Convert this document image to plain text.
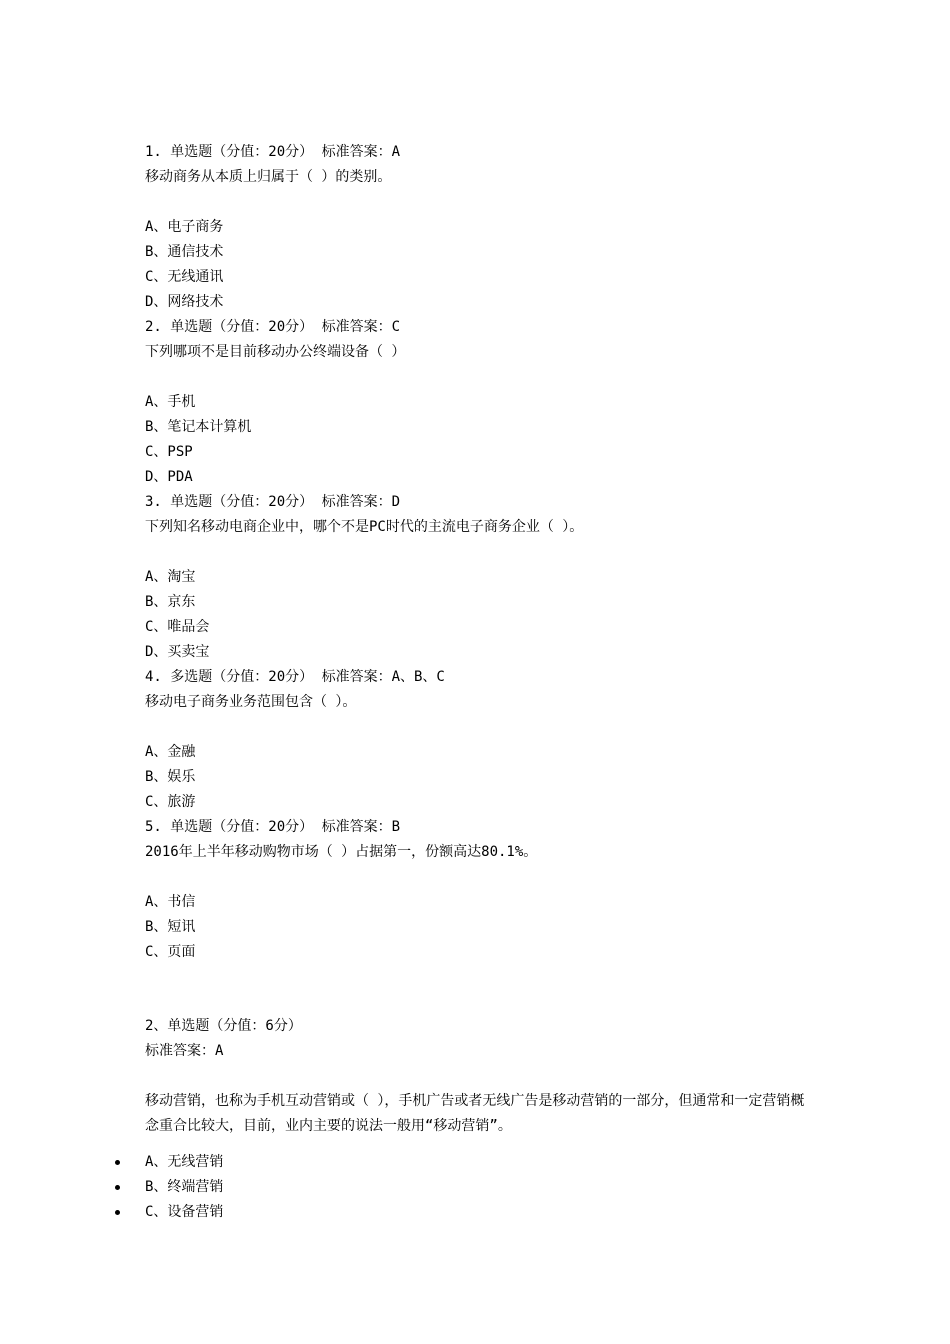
1. 单选题（分值：20分） 标准答案：A
移动商务从本质上归属于（ ）的类别。
A、电子商务
B、通信技术
C、无线通讯
D、网络技术
2. 单选题（分值：20分） 标准答案：C
下列哪项不是目前移动办公终端设备（ ）
A、手机
B、笔记本计算机
C、PSP
D、PDA
3. 单选题（分值：20分） 标准答案：D
下列知名移动电商企业中，哪个不是PC时代的主流电子商务企业（ ）。
A、淘宝
B、京东
C、唯品会
D、买卖宝
4. 多选题（分值：20分） 标准答案：A、B、C
移动电子商务业务范围包含（ ）。
A、金融
B、娱乐
C、旅游
5. 单选题（分值：20分） 标准答案：B
2016年上半年移动购物市场（ ）占据第一，份额高达80.1%。
A、书信
B、短讯
C、页面
2、单选题（分值：6分）
标准答案：A
移动营销，也称为手机互动营销或（ ），手机广告或者无线广告是移动营销的一部分，但通常和一定营销概念重合比较大，目前，业内主要的说法一般用“移动营销”。
A、无线营销
B、终端营销
C、设备营销
